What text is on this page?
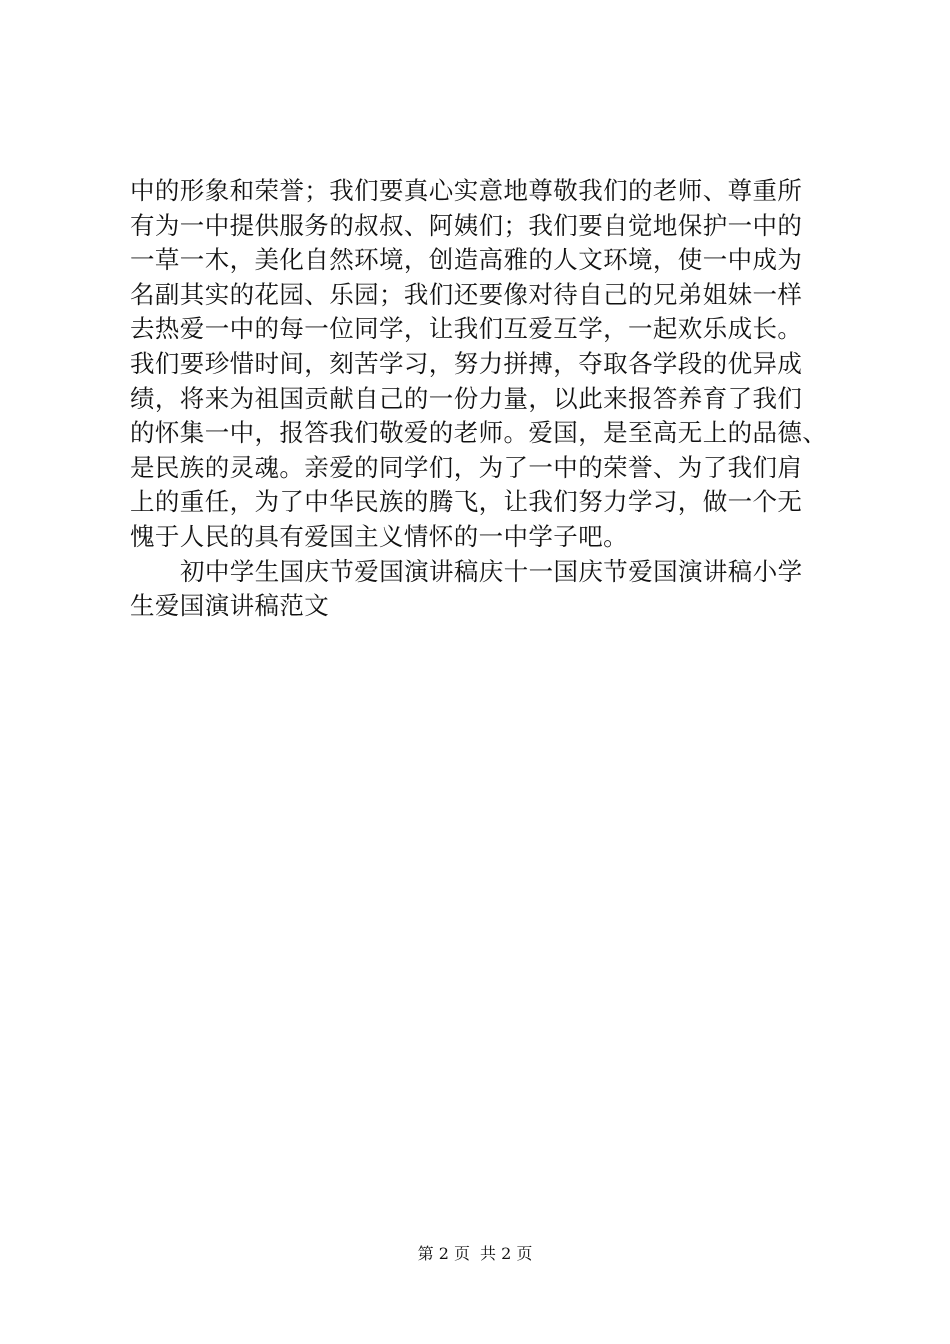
中的形象和荣誉；我们要真心实意地尊敬我们的老师、尊重所
有为一中提供服务的叔叔、阿姨们；我们要自觉地保护一中的
一草一木，美化自然环境，创造高雅的人文环境，使一中成为
名副其实的花园、乐园；我们还要像对待自己的兄弟姐妹一样
去热爱一中的每一位同学，让我们互爱互学，一起欢乐成长。
我们要珍惜时间，刻苦学习，努力拼搏，夺取各学段的优异成
绩，将来为祖国贡献自己的一份力量，以此来报答养育了我们
的怀集一中，报答我们敬爱的老师。爱国，是至高无上的品德、
是民族的灵魂。亲爱的同学们，为了一中的荣誉、为了我们肩
上的重任，为了中华民族的腾飞，让我们努力学习，做一个无
愧于人民的具有爱国主义情怀的一中学子吧。
初中学生国庆节爱国演讲稿庆十一国庆节爱国演讲稿小学
生爱国演讲稿范文
第 2 页 共 2 页
